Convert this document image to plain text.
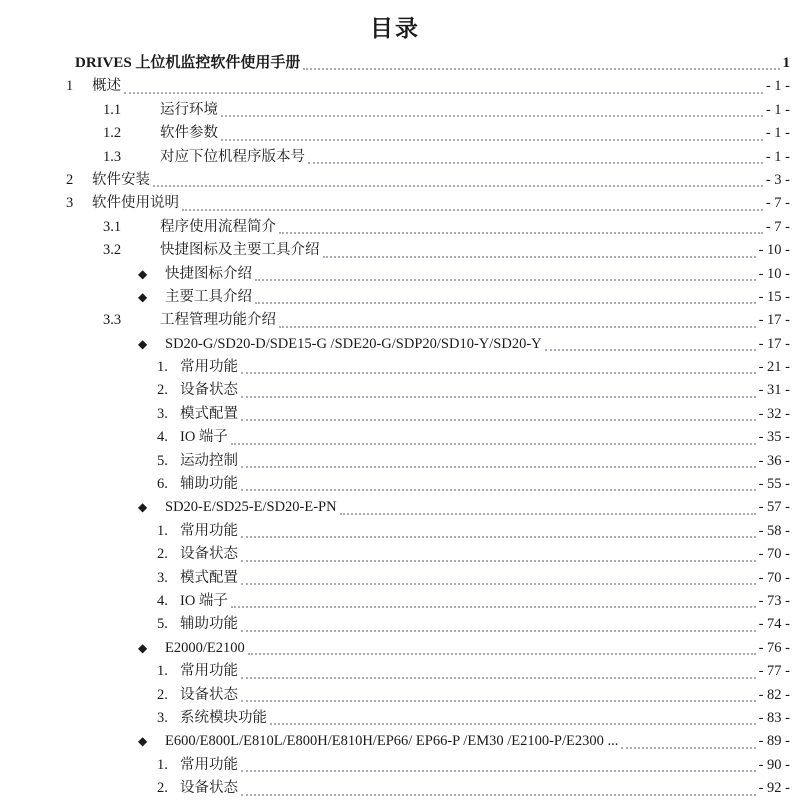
目录
DRIVES 上位机监控软件使用手册	1
1	概述	- 1 -
1.1	运行环境	- 1 -
1.2	软件参数	- 1 -
1.3	对应下位机程序版本号	- 1 -
2	软件安装	- 3 -
3	软件使用说明	- 7 -
3.1	程序使用流程简介	- 7 -
3.2	快捷图标及主要工具介绍	- 10 -
◆	快捷图标介绍	- 10 -
◆	主要工具介绍	- 15 -
3.3	工程管理功能介绍	- 17 -
◆	SD20-G/SD20-D/SDE15-G /SDE20-G/SDP20/SD10-Y/SD20-Y	- 17 -
1. 常用功能	- 21 -
2. 设备状态	- 31 -
3. 模式配置	- 32 -
4. IO 端子	- 35 -
5. 运动控制	- 36 -
6. 辅助功能	- 55 -
◆	SD20-E/SD25-E/SD20-E-PN	- 57 -
1. 常用功能	- 58 -
2. 设备状态	- 70 -
3. 模式配置	- 70 -
4. IO 端子	- 73 -
5. 辅助功能	- 74 -
◆	E2000/E2100	- 76 -
1. 常用功能	- 77 -
2. 设备状态	- 82 -
3. 系统模块功能	- 83 -
◆	E600/E800L/E810L/E800H/E810H/EP66/ EP66-P /EM30 /E2100-P/E2300 ...	- 89 -
1. 常用功能	- 90 -
2. 设备状态	- 92 -
